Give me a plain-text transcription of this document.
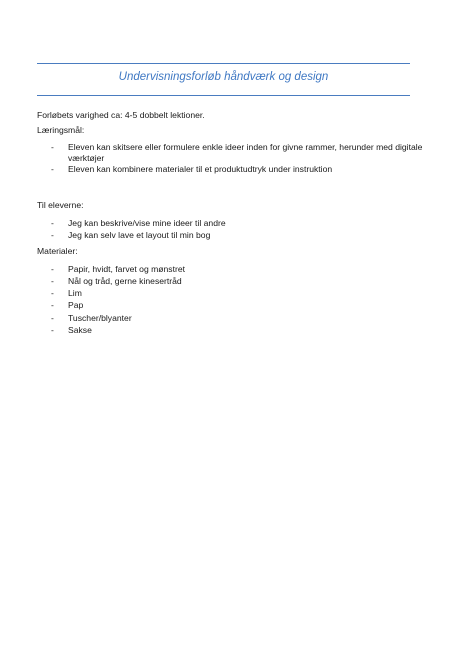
Undervisningsforløb håndværk og design

Forløbets varighed ca: 4-5 dobbelt lektioner.

Læringsmål:

- Eleven kan skitsere eller formulere enkle ideer inden for givne rammer, herunder med digitale værktøjer
- Eleven kan kombinere materialer til et produktudtryk under instruktion

Til eleverne:

- Jeg kan beskrive/vise mine ideer til andre
- Jeg kan selv lave et layout til min bog

Materialer:

- Papir, hvidt, farvet og mønstret
- Nål og tråd, gerne kinesertråd
- Lim
- Pap
- Tuscher/blyanter
- Sakse
